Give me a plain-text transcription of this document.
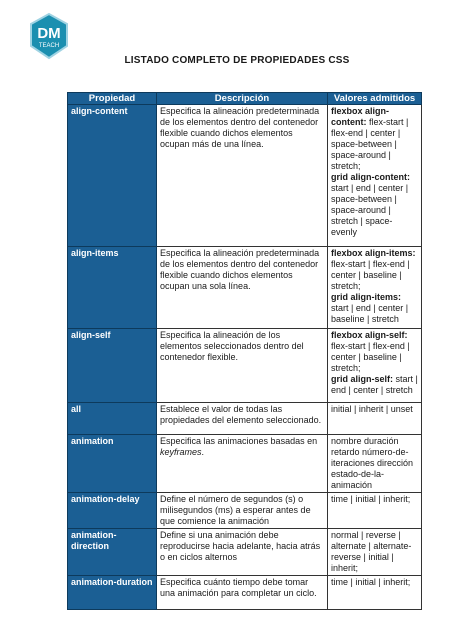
DM
TEACH
LISTADO COMPLETO DE PROPIEDADES CSS
Propiedad	Descripción	Valores admitidos
align-content	Especifica la alineación predeterminada de los elementos dentro del contenedor flexible cuando dichos elementos ocupan más de una línea.	flexbox align-content: flex-start | flex-end | center | space-between | space-around | stretch;
grid align-content: start | end | center | space-between | space-around | stretch | space-evenly
align-items	Especifica la alineación predeterminada de los elementos dentro del contenedor flexible cuando dichos elementos ocupan una sola línea.	flexbox align-items: flex-start | flex-end | center | baseline | stretch;
grid align-items: start | end | center | baseline | stretch
align-self	Especifica la alineación de los elementos seleccionados dentro del contenedor flexible.	flexbox align-self: flex-start | flex-end | center | baseline | stretch;
grid align-self: start | end | center | stretch
all	Establece el valor de todas las propiedades del elemento seleccionado.	initial | inherit | unset
animation	Especifica las animaciones basadas en keyframes.	nombre duración retardo número-de-iteraciones dirección estado-de-la-animación
animation-delay	Define el número de segundos (s) o milisegundos (ms) a esperar antes de que comience la animación	time | initial | inherit;
animation-direction	Define si una animación debe reproducirse hacia adelante, hacia atrás o en ciclos alternos	normal | reverse | alternate | alternate-reverse | initial | inherit;
animation-duration	Especifica cuánto tiempo debe tomar una animación para completar un ciclo.	time | initial | inherit;
